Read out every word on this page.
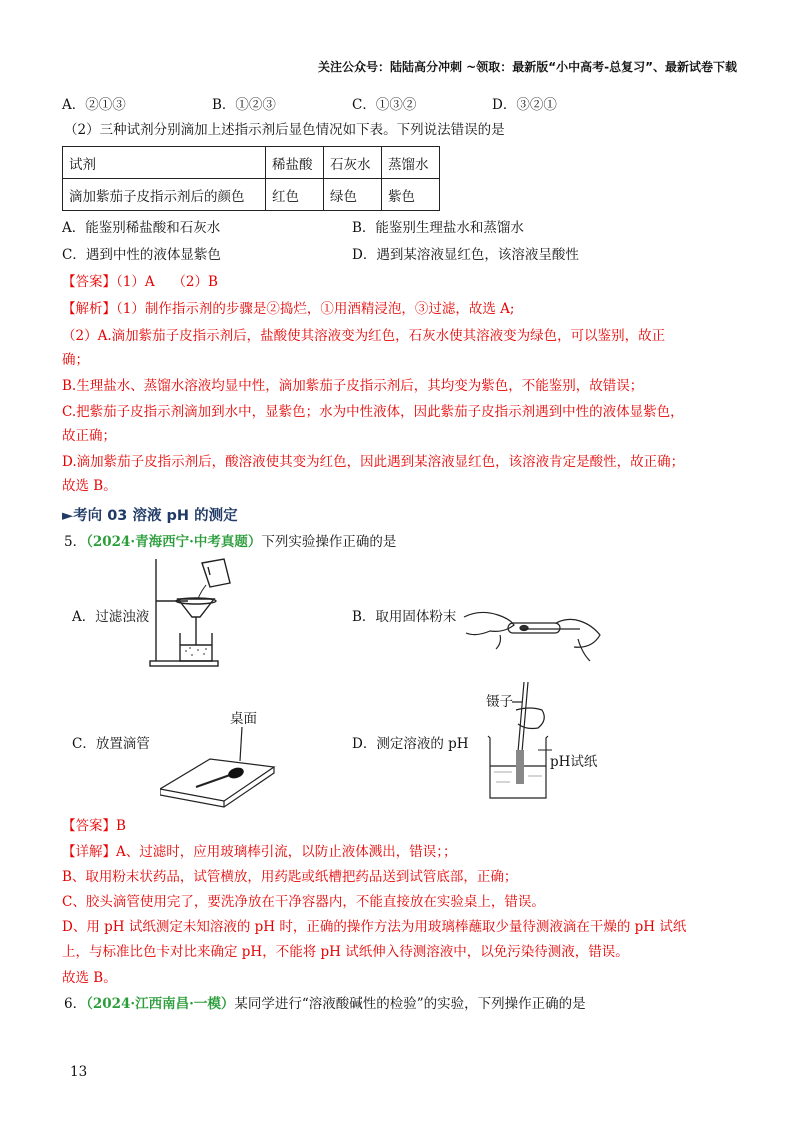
关注公众号：陆陆高分冲刺 ~领取：最新版“小中高考-总复习”、最新试卷下载
A．②①③	B．①②③	C．①③②	D．③②①
（2）三种试剂分别滴加上述指示剂后显色情况如下表。下列说法错误的是
试剂	稀盐酸	石灰水	蒸馏水
滴加紫茄子皮指示剂后的颜色	红色	绿色	紫色
A．能鉴别稀盐酸和石灰水	B．能鉴别生理盐水和蒸馏水
C．遇到中性的液体显紫色	D．遇到某溶液显红色，该溶液呈酸性
【答案】（1）A　 （2）B
【解析】（1）制作指示剂的步骤是②捣烂，①用酒精浸泡，③过滤，故选 A;
（2）A.滴加紫茄子皮指示剂后，盐酸使其溶液变为红色，石灰水使其溶液变为绿色，可以鉴别，故正
确；
B.生理盐水、蒸馏水溶液均显中性，滴加紫茄子皮指示剂后，其均变为紫色，不能鉴别，故错误；
C.把紫茄子皮指示剂滴加到水中，显紫色；水为中性液体，因此紫茄子皮指示剂遇到中性的液体显紫色，
故正确；
D.滴加紫茄子皮指示剂后，酸溶液使其变为红色，因此遇到某溶液显红色，该溶液肯定是酸性，故正确；
故选 B。
►考向 03 溶液 pH 的测定
5．（2024·青海西宁·中考真题）下列实验操作正确的是
A．过滤浊液	B．取用固体粉末
C．放置滴管	D．测定溶液的 pH
桌面
镊子
pH试纸
【答案】B
【详解】A、过滤时，应用玻璃棒引流，以防止液体溅出，错误；；
B、取用粉末状药品，试管横放，用药匙或纸槽把药品送到试管底部，正确；
C、胶头滴管使用完了，要洗净放在干净容器内，不能直接放在实验桌上，错误。
D、用 pH 试纸测定未知溶液的 pH 时，正确的操作方法为用玻璃棒蘸取少量待测液滴在干燥的 pH 试纸
上，与标准比色卡对比来确定 pH，不能将 pH 试纸伸入待测溶液中，以免污染待测液，错误。
故选 B。
6．（2024·江西南昌·一模）某同学进行“溶液酸碱性的检验”的实验，下列操作正确的是
13
